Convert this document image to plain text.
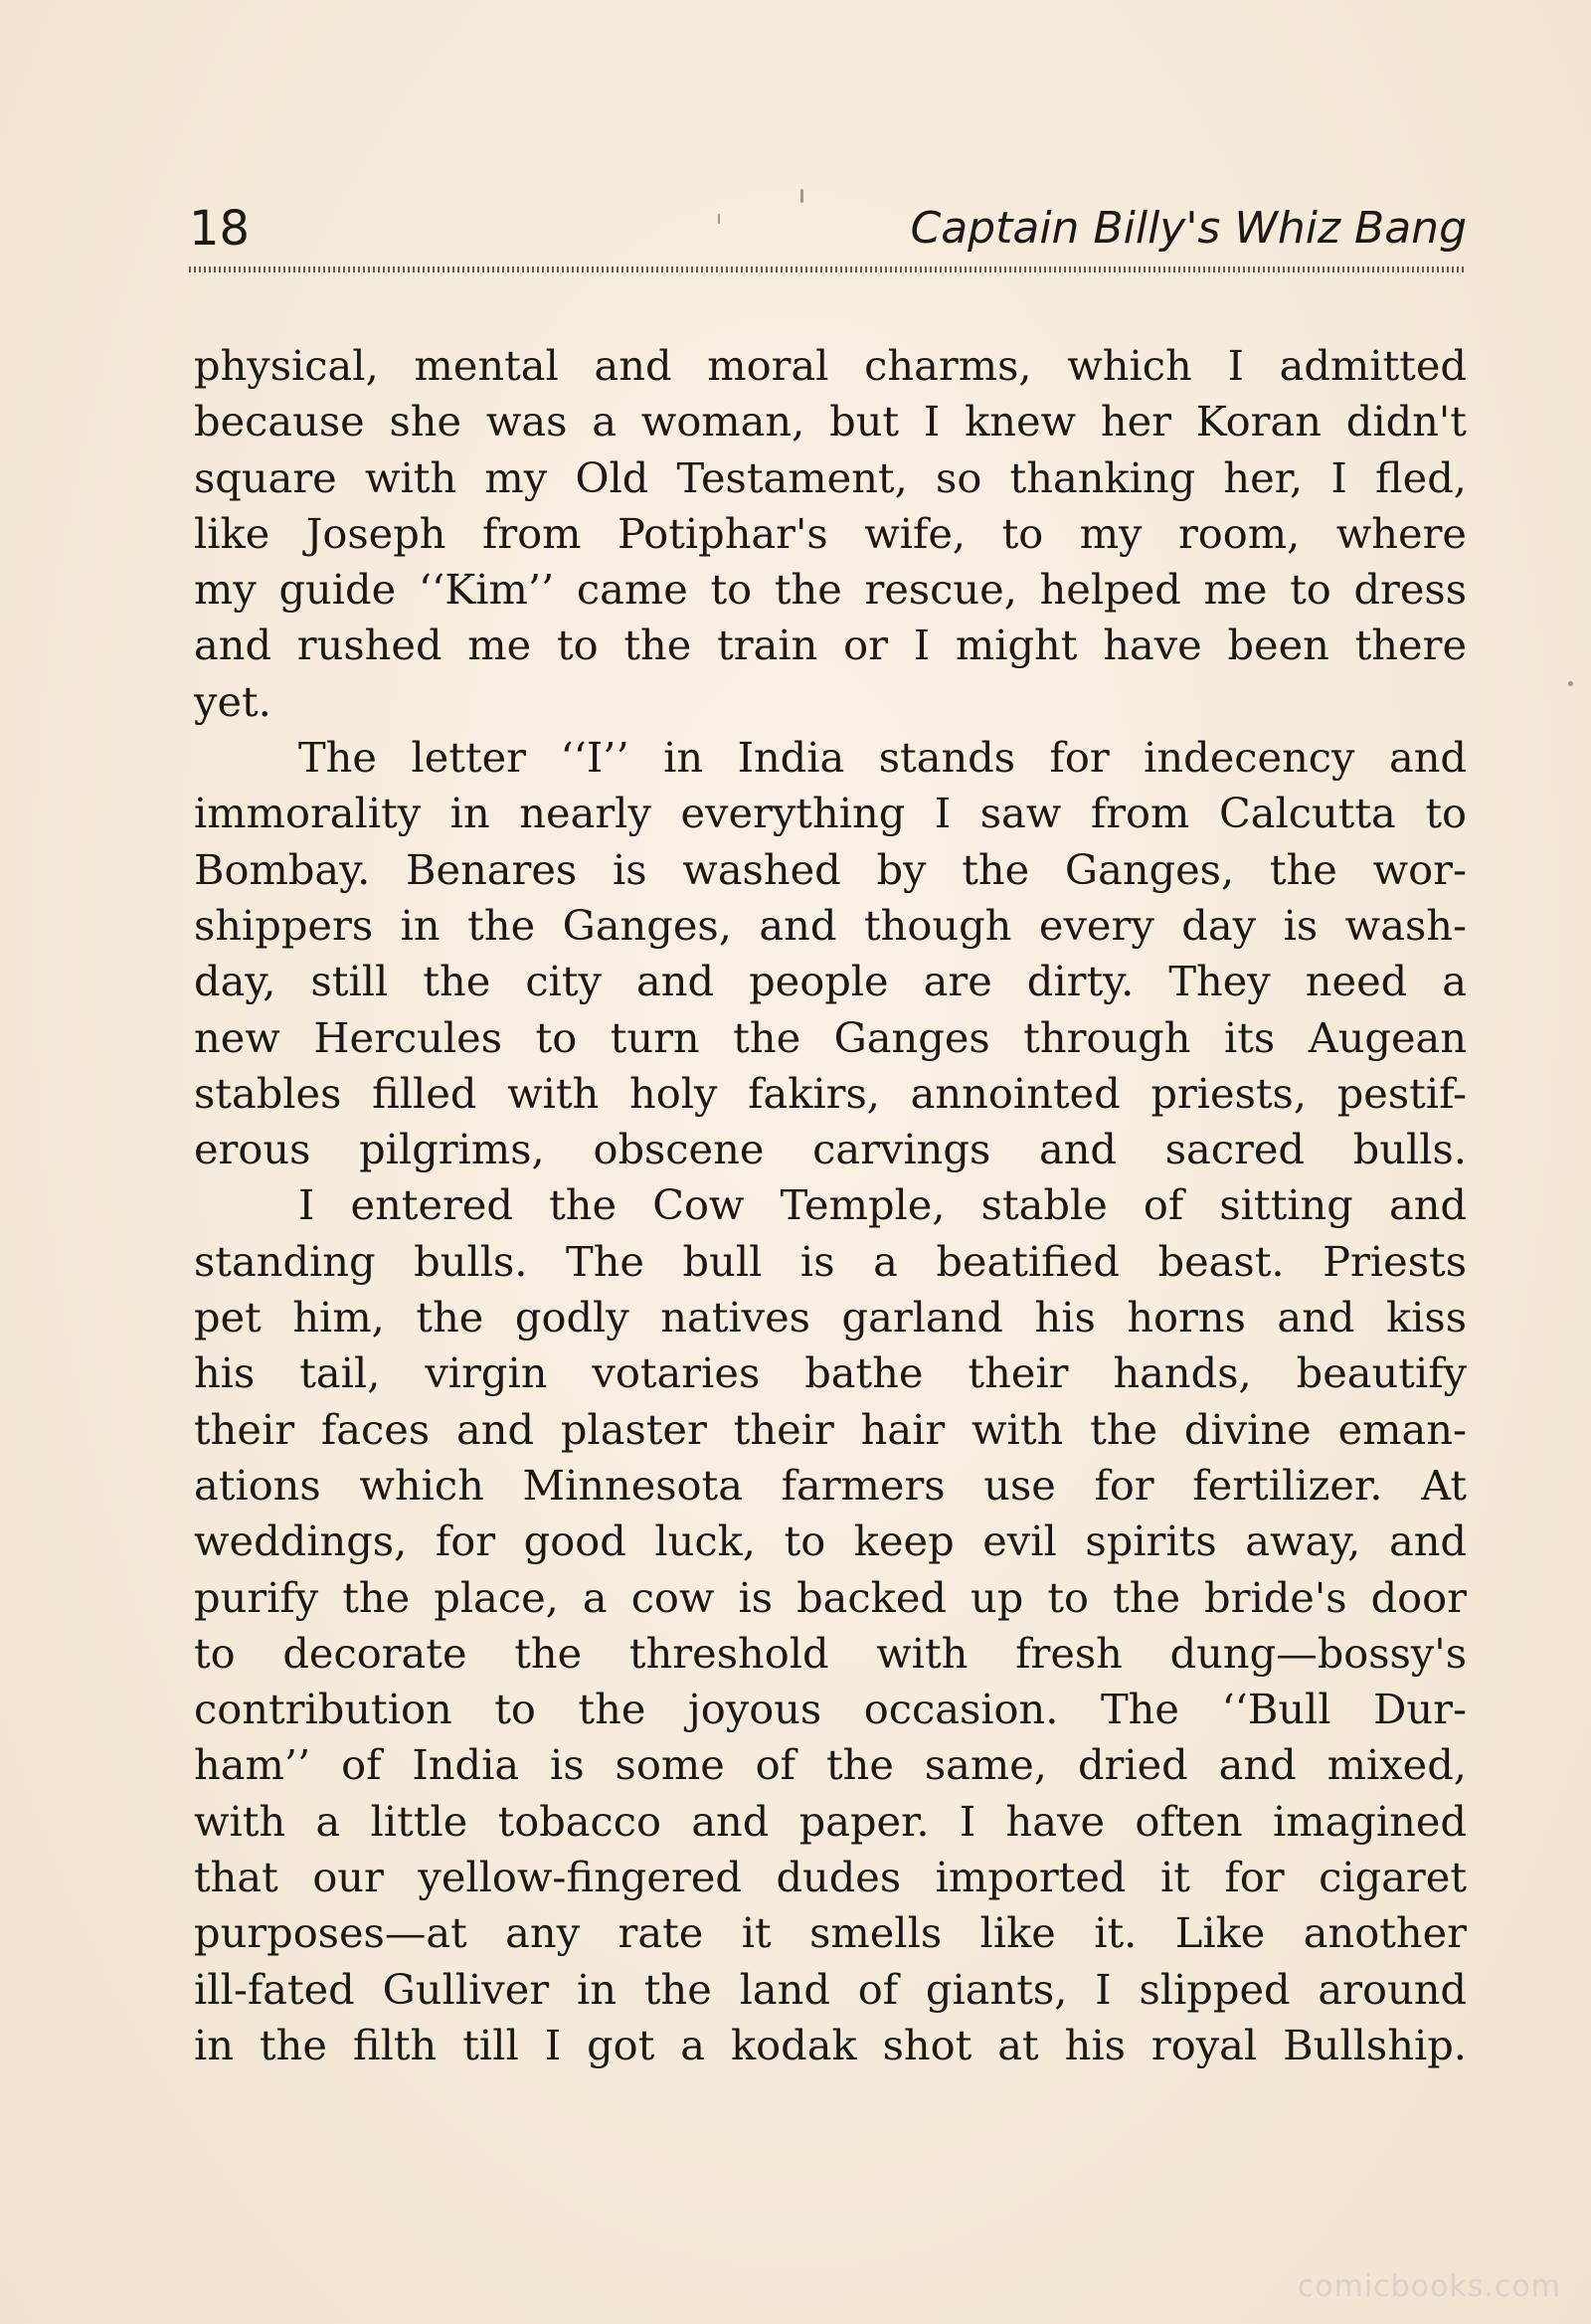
18	Captain Billy's Whiz Bang
physical, mental and moral charms, which I admitted
because she was a woman, but I knew her Koran didn't
square with my Old Testament, so thanking her, I fled,
like Joseph from Potiphar's wife, to my room, where
my guide ‘‘Kim’’ came to the rescue, helped me to dress
and rushed me to the train or I might have been there
yet.
The letter ‘‘I’’ in India stands for indecency and
immorality in nearly everything I saw from Calcutta to
Bombay. Benares is washed by the Ganges, the wor-
shippers in the Ganges, and though every day is wash-
day, still the city and people are dirty. They need a
new Hercules to turn the Ganges through its Augean
stables filled with holy fakirs, annointed priests, pestif-
erous pilgrims, obscene carvings and sacred bulls.
I entered the Cow Temple, stable of sitting and
standing bulls. The bull is a beatified beast. Priests
pet him, the godly natives garland his horns and kiss
his tail, virgin votaries bathe their hands, beautify
their faces and plaster their hair with the divine eman-
ations which Minnesota farmers use for fertilizer. At
weddings, for good luck, to keep evil spirits away, and
purify the place, a cow is backed up to the bride's door
to decorate the threshold with fresh dung—bossy's
contribution to the joyous occasion. The ‘‘Bull Dur-
ham’’ of India is some of the same, dried and mixed,
with a little tobacco and paper. I have often imagined
that our yellow-fingered dudes imported it for cigaret
purposes—at any rate it smells like it. Like another
ill-fated Gulliver in the land of giants, I slipped around
in the filth till I got a kodak shot at his royal Bullship.
comicbooks.com
